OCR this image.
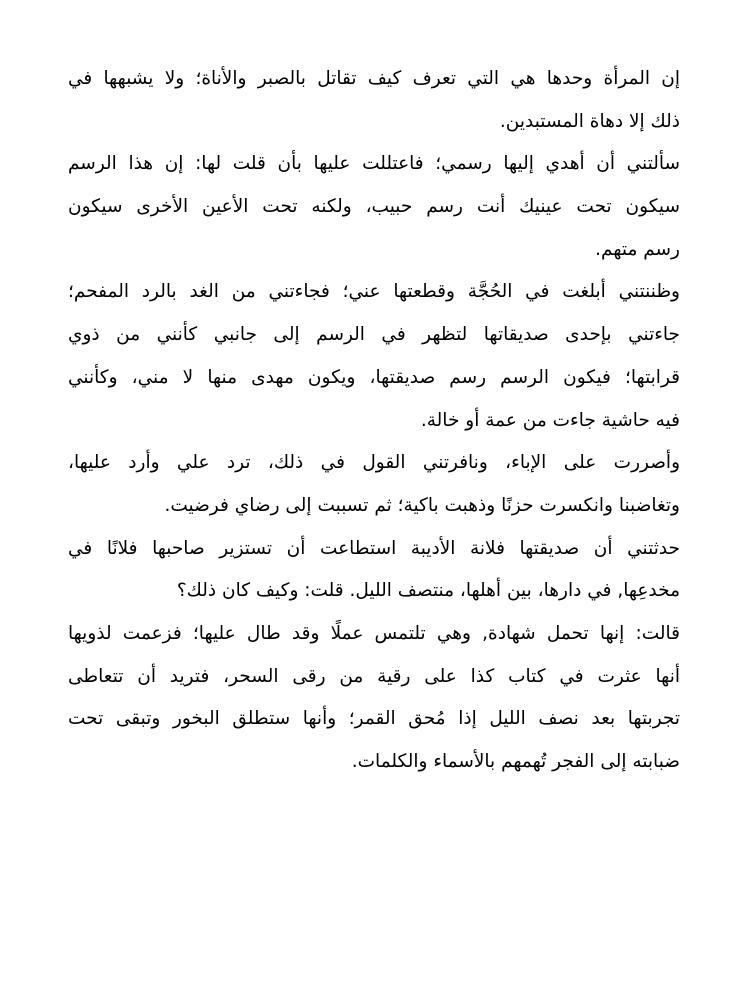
إن المرأة وحدها هي التي تعرف كيف تقاتل بالصبر والأناة؛ ولا يشبهها في
ذلك إلا دهاة المستبدين.
سألتني أن أهدي إليها رسمي؛ فاعتللت عليها بأن قلت لها: إن هذا الرسم
سيكون تحت عينيك أنت رسم حبيب، ولكنه تحت الأعين الأخرى سيكون
رسم متهم.
وظننتني أبلغت في الحُجَّة وقطعتها عني؛ فجاءتني من الغد بالرد المفحم؛
جاءتني بإحدى صديقاتها لتظهر في الرسم إلى جانبي كأنني من ذوي
قرابتها؛ فيكون الرسم رسم صديقتها، ويكون مهدى منها لا مني، وكأنني
فيه حاشية جاءت من عمة أو خالة.
وأصررت على الإباء، ونافرتني القول في ذلك، ترد علي وأرد عليها،
وتغاضبنا وانكسرت حزنًا وذهبت باكية؛ ثم تسببت إلى رضاي فرضيت.
حدثتني أن صديقتها فلانة الأديبة استطاعت أن تستزير صاحبها فلانًا في
مخدعِها, في دارها، بين أهلها، منتصف الليل. قلت: وكيف كان ذلك؟
قالت: إنها تحمل شهادة, وهي تلتمس عملًا وقد طال عليها؛ فزعمت لذويها
أنها عثرت في كتاب كذا على رقية من رقى السحر، فتريد أن تتعاطى
تجربتها بعد نصف الليل إذا مُحق القمر؛ وأنها ستطلق البخور وتبقى تحت
ضبابته إلى الفجر تُهمهم بالأسماء والكلمات.
